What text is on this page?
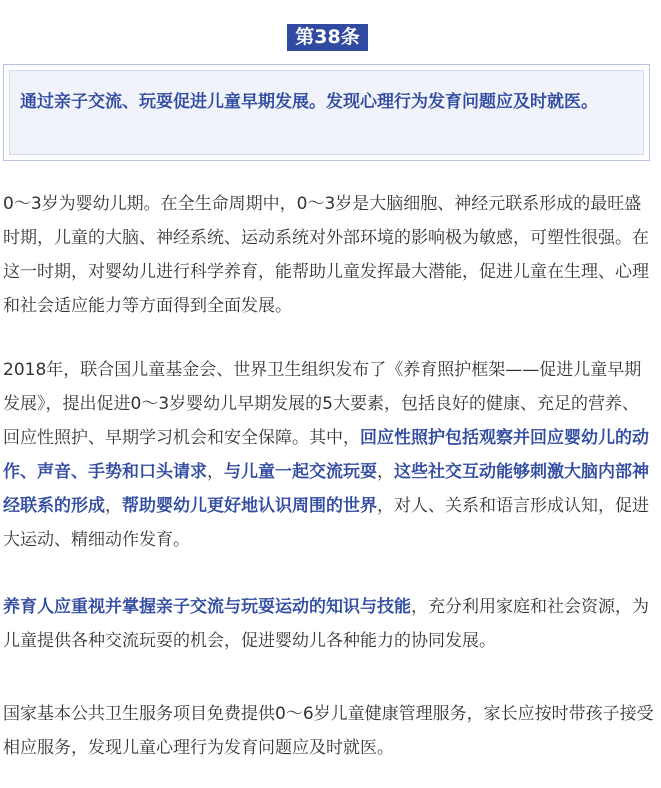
第38条
通过亲子交流、玩耍促进儿童早期发展。发现心理行为发育问题应及时就医。

0～3岁为婴幼儿期。在全生命周期中，0～3岁是大脑细胞、神经元联系形成的最旺盛时期，儿童的大脑、神经系统、运动系统对外部环境的影响极为敏感，可塑性很强。在这一时期，对婴幼儿进行科学养育，能帮助儿童发挥最大潜能，促进儿童在生理、心理和社会适应能力等方面得到全面发展。

2018年，联合国儿童基金会、世界卫生组织发布了《养育照护框架——促进儿童早期发展》，提出促进0～3岁婴幼儿早期发展的5大要素，包括良好的健康、充足的营养、回应性照护、早期学习机会和安全保障。其中，回应性照护包括观察并回应婴幼儿的动作、声音、手势和口头请求，与儿童一起交流玩耍，这些社交互动能够刺激大脑内部神经联系的形成，帮助婴幼儿更好地认识周围的世界，对人、关系和语言形成认知，促进大运动、精细动作发育。

养育人应重视并掌握亲子交流与玩耍运动的知识与技能，充分利用家庭和社会资源，为儿童提供各种交流玩耍的机会，促进婴幼儿各种能力的协同发展。

国家基本公共卫生服务项目免费提供0～6岁儿童健康管理服务，家长应按时带孩子接受相应服务，发现儿童心理行为发育问题应及时就医。
